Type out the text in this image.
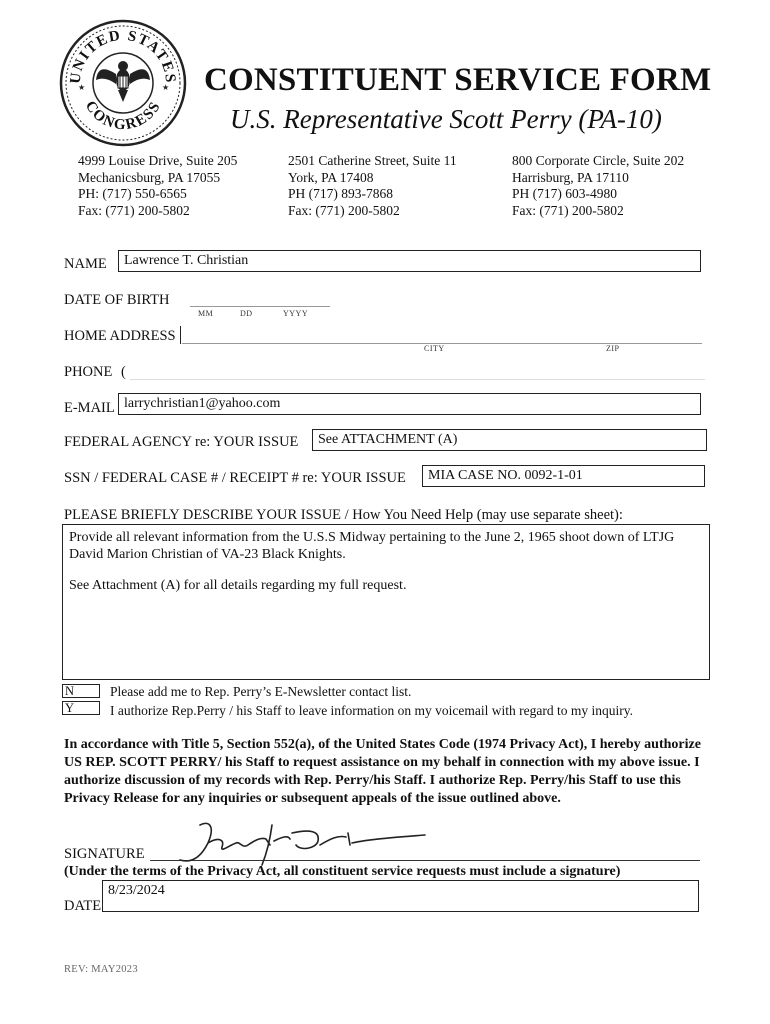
UNITED STATES
CONGRESS
★	★ CONSTITUENT SERVICE FORM
U.S. Representative Scott Perry (PA-10)
4999 Louise Drive, Suite 205
Mechanicsburg, PA 17055
PH: (717) 550-6565
Fax: (771) 200-5802
2501 Catherine Street, Suite 11
York, PA 17408
PH (717) 893-7868
Fax: (771) 200-5802
800 Corporate Circle, Suite 202
Harrisburg, PA 17110
PH (717) 603-4980
Fax: (771) 200-5802
NAME	Lawrence T. Christian
DATE OF BIRTH
MM	DD	YYYY
HOME ADDRESS
CITY	ZIP
PHONE (
E-MAIL larrychristian1@yahoo.com
FEDERAL AGENCY re: YOUR ISSUE	See ATTACHMENT (A)
SSN / FEDERAL CASE # / RECEIPT # re: YOUR ISSUE	MIA CASE NO. 0092-1-01
PLEASE BRIEFLY DESCRIBE YOUR ISSUE / How You Need Help (may use separate sheet):

Provide all relevant information from the U.S.S Midway pertaining to the June 2, 1965 shoot down of LTJG David Marion Christian of VA-23 Black Knights.

See Attachment (A) for all details regarding my full request.

N	Please add me to Rep. Perry’s E-Newsletter contact list.
Y	I authorize Rep.Perry / his Staff to leave information on my voicemail with regard to my inquiry.
In accordance with Title 5, Section 552(a), of the United States Code (1974 Privacy Act), I hereby authorize US REP. SCOTT PERRY/ his Staff to request assistance on my behalf in connection with my above issue. I authorize discussion of my records with Rep. Perry/his Staff. I authorize Rep. Perry/his Staff to use this Privacy Release for any inquiries or subsequent appeals of the issue outlined above.
SIGNATURE
(Under the terms of the Privacy Act, all constituent service requests must include a signature)
DATE
8/23/2024
REV: MAY2023
